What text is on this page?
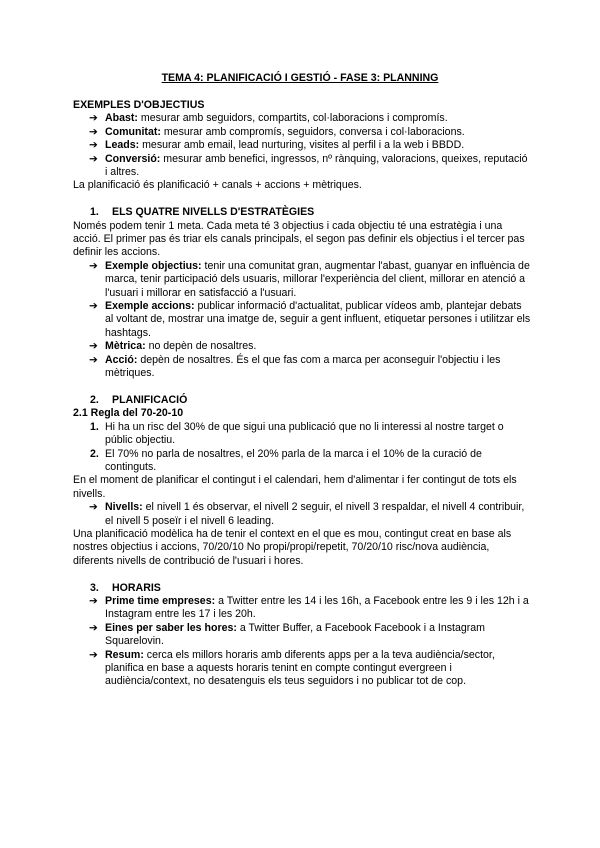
TEMA 4: PLANIFICACIÓ I GESTIÓ - FASE 3: PLANNING

EXEMPLES D'OBJECTIUS

➔ Abast: mesurar amb seguidors, compartits, col·laboracions i compromís.
➔ Comunitat: mesurar amb compromís, seguidors, conversa i col·laboracions.
➔ Leads: mesurar amb email, lead nurturing, visites al perfil i a la web i BBDD.
➔ Conversió: mesurar amb benefici, ingressos, nº rànquing, valoracions, queixes, reputació i altres.

La planificació és planificació + canals + accions + mètriques.

1. ELS QUATRE NIVELLS D'ESTRATÈGIES

Només podem tenir 1 meta. Cada meta té 3 objectius i cada objectiu té una estratègia i una acció. El primer pas és triar els canals principals, el segon pas definir els objectius i el tercer pas definir les accions.

➔ Exemple objectius: tenir una comunitat gran, augmentar l'abast, guanyar en influència de marca, tenir participació dels usuaris, millorar l'experiència del client, millorar en atenció a l'usuari i millorar en satisfacció a l'usuari.
➔ Exemple accions: publicar informació d'actualitat, publicar vídeos amb, plantejar debats al voltant de, mostrar una imatge de, seguir a gent influent, etiquetar persones i utilitzar els hashtags.
➔ Mètrica: no depèn de nosaltres.
➔ Acció: depèn de nosaltres. És el que fas com a marca per aconseguir l'objectiu i les mètriques.

2. PLANIFICACIÓ

2.1 Regla del 70-20-10

1. Hi ha un risc del 30% de que sigui una publicació que no li interessi al nostre target o públic objectiu.
2. El 70% no parla de nosaltres, el 20% parla de la marca i el 10% de la curació de continguts.

En el moment de planificar el contingut i el calendari, hem d'alimentar i fer contingut de tots els nivells.

➔ Nivells: el nivell 1 és observar, el nivell 2 seguir, el nivell 3 respaldar, el nivell 4 contribuir, el nivell 5 poseïr i el nivell 6 leading.

Una planificació modèlica ha de tenir el context en el que es mou, contingut creat en base als nostres objectius i accions, 70/20/10 No propi/propi/repetit, 70/20/10 risc/nova audiència, diferents nivells de contribució de l'usuari i hores.

3. HORARIS

➔ Prime time empreses: a Twitter entre les 14 i les 16h, a Facebook entre les 9 i les 12h i a Instagram entre les 17 i les 20h.
➔ Eines per saber les hores: a Twitter Buffer, a Facebook Facebook i a Instagram Squarelovin.
➔ Resum: cerca els millors horaris amb diferents apps per a la teva audiència/sector, planifica en base a aquests horaris tenint en compte contingut evergreen i audiència/context, no desatenguis els teus seguidors i no publicar tot de cop.
